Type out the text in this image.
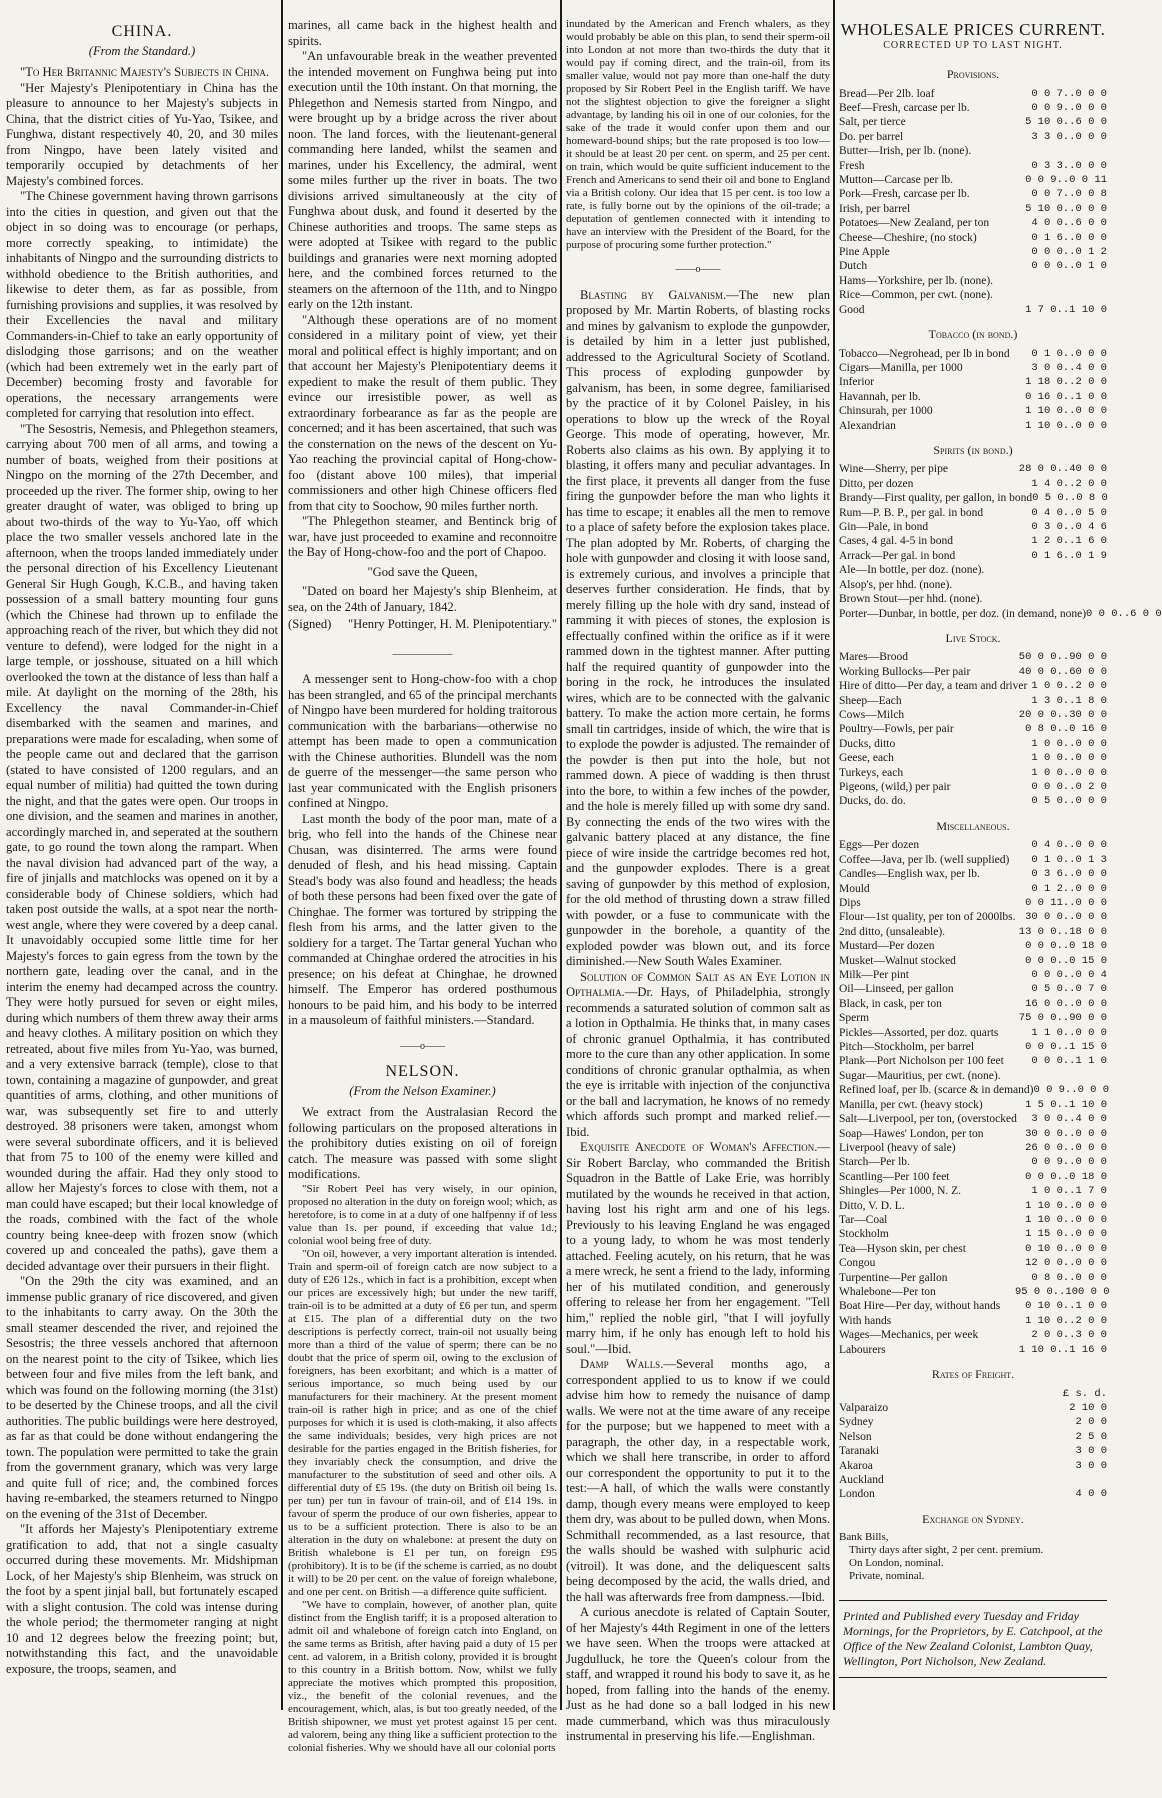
CHINA.
(From the Standard.)

"To Her Britannic Majesty's Subjects in China.

"Her Majesty's Plenipotentiary in China has the pleasure to announce to her Majesty's subjects in China, that the district cities of Yu-Yao, Tsikee, and Funghwa, distant respectively 40, 20, and 30 miles from Ningpo, have been lately visited and temporarily occupied by detachments of her Majesty's combined forces.

"The Chinese government having thrown garrisons into the cities in question, and given out that the object in so doing was to encourage (or perhaps, more correctly speaking, to intimidate) the inhabitants of Ningpo and the surrounding districts to withhold obedience to the British authorities, and likewise to deter them, as far as possible, from furnishing provisions and supplies, it was resolved by their Excellencies the naval and military Commanders-in-Chief to take an early opportunity of dislodging those garrisons; and on the weather (which had been extremely wet in the early part of December) becoming frosty and favorable for operations, the necessary arrangements were completed for carrying that resolution into effect.

"The Sesostris, Nemesis, and Phlegethon steamers, carrying about 700 men of all arms, and towing a number of boats, weighed from their positions at Ningpo on the morning of the 27th December, and proceeded up the river. The former ship, owing to her greater draught of water, was obliged to bring up about two-thirds of the way to Yu-Yao, off which place the two smaller vessels anchored late in the afternoon, when the troops landed immediately under the personal direction of his Excellency Lieutenant General Sir Hugh Gough, K.C.B., and having taken possession of a small battery mounting four guns (which the Chinese had thrown up to enfilade the approaching reach of the river, but which they did not venture to defend), were lodged for the night in a large temple, or josshouse, situated on a hill which overlooked the town at the distance of less than half a mile. At daylight on the morning of the 28th, his Excellency the naval Commander-in-Chief disembarked with the seamen and marines, and preparations were made for escalading, when some of the people came out and declared that the garrison (stated to have consisted of 1200 regulars, and an equal number of militia) had quitted the town during the night, and that the gates were open. Our troops in one division, and the seamen and marines in another, accordingly marched in, and seperated at the southern gate, to go round the town along the rampart. When the naval division had advanced part of the way, a fire of jinjalls and matchlocks was opened on it by a considerable body of Chinese soldiers, which had taken post outside the walls, at a spot near the north-west angle, where they were covered by a deep canal. It unavoidably occupied some little time for her Majesty's forces to gain egress from the town by the northern gate, leading over the canal, and in the interim the enemy had decamped across the country. They were hotly pursued for seven or eight miles, during which numbers of them threw away their arms and heavy clothes. A military position on which they retreated, about five miles from Yu-Yao, was burned, and a very extensive barrack (temple), close to that town, containing a magazine of gunpowder, and great quantities of arms, clothing, and other munitions of war, was subsequently set fire to and utterly destroyed. 38 prisoners were taken, amongst whom were several subordinate officers, and it is believed that from 75 to 100 of the enemy were killed and wounded during the affair. Had they only stood to allow her Majesty's forces to close with them, not a man could have escaped; but their local knowledge of the roads, combined with the fact of the whole country being knee-deep with frozen snow (which covered up and concealed the paths), gave them a decided advantage over their pursuers in their flight.

"On the 29th the city was examined, and an immense public granary of rice discovered, and given to the inhabitants to carry away. On the 30th the small steamer descended the river, and rejoined the Sesostris; the three vessels anchored that afternoon on the nearest point to the city of Tsikee, which lies between four and five miles from the left bank, and which was found on the following morning (the 31st) to be deserted by the Chinese troops, and all the civil authorities. The public buildings were here destroyed, as far as that could be done without endangering the town. The population were permitted to take the grain from the government granary, which was very large and quite full of rice; and, the combined forces having re-embarked, the steamers returned to Ningpo on the evening of the 31st of December.

"It affords her Majesty's Plenipotentiary extreme gratification to add, that not a single casualty occurred during these movements. Mr. Midshipman Lock, of her Majesty's ship Blenheim, was struck on the foot by a spent jinjal ball, but fortunately escaped with a slight contusion. The cold was intense during the whole period; the thermometer ranging at night 10 and 12 degrees below the freezing point; but, notwithstanding this fact, and the unavoidable exposure, the troops, seamen, and

marines, all came back in the highest health and spirits.

"An unfavourable break in the weather prevented the intended movement on Funghwa being put into execution until the 10th instant. On that morning, the Phlegethon and Nemesis started from Ningpo, and were brought up by a bridge across the river about noon. The land forces, with the lieutenant-general commanding here landed, whilst the seamen and marines, under his Excellency, the admiral, went some miles further up the river in boats. The two divisions arrived simultaneously at the city of Funghwa about dusk, and found it deserted by the Chinese authorities and troops. The same steps as were adopted at Tsikee with regard to the public buildings and granaries were next morning adopted here, and the combined forces returned to the steamers on the afternoon of the 11th, and to Ningpo early on the 12th instant.

"Although these operations are of no moment considered in a military point of view, yet their moral and political effect is highly important; and on that account her Majesty's Plenipotentiary deems it expedient to make the result of them public. They evince our irresistible power, as well as extraordinary forbearance as far as the people are concerned; and it has been ascertained, that such was the consternation on the news of the descent on Yu-Yao reaching the provincial capital of Hong-chow-foo (distant above 100 miles), that imperial commissioners and other high Chinese officers fled from that city to Soochow, 90 miles further north.

"The Phlegethon steamer, and Bentinck brig of war, have just proceeded to examine and reconnoitre the Bay of Hong-chow-foo and the port of Chapoo.

"God save the Queen,

"Dated on board her Majesty's ship Blenheim, at sea, on the 24th of January, 1842.

(Signed) "Henry Pottinger, H. M. Plenipotentiary."
——————

A messenger sent to Hong-chow-foo with a chop has been strangled, and 65 of the principal merchants of Ningpo have been murdered for holding traitorous communication with the barbarians—otherwise no attempt has been made to open a communication with the Chinese authorities. Blundell was the nom de guerre of the messenger—the same person who last year communicated with the English prisoners confined at Ningpo.

Last month the body of the poor man, mate of a brig, who fell into the hands of the Chinese near Chusan, was disinterred. The arms were found denuded of flesh, and his head missing. Captain Stead's body was also found and headless; the heads of both these persons had been fixed over the gate of Chinghae. The former was tortured by stripping the flesh from his arms, and the latter given to the soldiery for a target. The Tartar general Yuchan who commanded at Chinghae ordered the atrocities in his presence; on his defeat at Chinghae, he drowned himself. The Emperor has ordered posthumous honours to be paid him, and his body to be interred in a mausoleum of faithful ministers.—Standard.

——o——
NELSON.
(From the Nelson Examiner.)

We extract from the Australasian Record the following particulars on the proposed alterations in the prohibitory duties existing on oil of foreign catch. The measure was passed with some slight modifications.

"Sir Robert Peel has very wisely, in our opinion, proposed no alteration in the duty on foreign wool; which, as heretofore, is to come in at a duty of one halfpenny if of less value than 1s. per pound, if exceeding that value 1d.; colonial wool being free of duty.

"On oil, however, a very important alteration is intended. Train and sperm-oil of foreign catch are now subject to a duty of £26 12s., which in fact is a prohibition, except when our prices are excessively high; but under the new tariff, train-oil is to be admitted at a duty of £6 per tun, and sperm at £15. The plan of a differential duty on the two descriptions is perfectly correct, train-oil not usually being more than a third of the value of sperm; there can be no doubt that the price of sperm oil, owing to the exclusion of foreigners, has been exorbitant; and which is a matter of serious importance, so much being used by our manufacturers for their machinery. At the present moment train-oil is rather high in price; and as one of the chief purposes for which it is used is cloth-making, it also affects the same individuals; besides, very high prices are not desirable for the parties engaged in the British fisheries, for they invariably check the consumption, and drive the manufacturer to the substitution of seed and other oils. A differential duty of £5 19s. (the duty on British oil being 1s. per tun) per tun in favour of train-oil, and of £14 19s. in favour of sperm the produce of our own fisheries, appear to us to be a sufficient protection. There is also to be an alteration in the duty on whalebone: at present the duty on British whalebone is £1 per tun, on foreign £95 (prohibitory). It is to be (if the scheme is carried, as no doubt it will) to be 20 per cent. on the value of foreign whalebone, and one per cent. on British —a difference quite sufficient.

"We have to complain, however, of another plan, quite distinct from the English tariff; it is a proposed alteration to admit oil and whalebone of foreign catch into England, on the same terms as British, after having paid a duty of 15 per cent. ad valorem, in a British colony, provided it is brought to this country in a British bottom. Now, whilst we fully appreciate the motives which prompted this proposition, viz., the benefit of the colonial revenues, and the encouragement, which, alas, is but too greatly needed, of the British shipowner, we must yet protest against 15 per cent. ad valorem, being any thing like a sufficient protection to the colonial fisheries. Why we should have all our colonial ports

inundated by the American and French whalers, as they would probably be able on this plan, to send their sperm-oil into London at not more than two-thirds the duty that it would pay if coming direct, and the train-oil, from its smaller value, would not pay more than one-half the duty proposed by Sir Robert Peel in the English tariff. We have not the slightest objection to give the foreigner a slight advantage, by landing his oil in one of our colonies, for the sake of the trade it would confer upon them and our homeward-bound ships; but the rate proposed is too low—it should be at least 20 per cent. on sperm, and 25 per cent. on train, which would be quite sufficient inducement to the French and Americans to send their oil and bone to England via a British colony. Our idea that 15 per cent. is too low a rate, is fully borne out by the opinions of the oil-trade; a deputation of gentlemen connected with it intending to have an interview with the President of the Board, for the purpose of procuring some further protection."

——o——

Blasting by Galvanism.—The new plan proposed by Mr. Martin Roberts, of blasting rocks and mines by galvanism to explode the gunpowder, is detailed by him in a letter just published, addressed to the Agricultural Society of Scotland. This process of exploding gunpowder by galvanism, has been, in some degree, familiarised by the practice of it by Colonel Paisley, in his operations to blow up the wreck of the Royal George. This mode of operating, however, Mr. Roberts also claims as his own. By applying it to blasting, it offers many and peculiar advantages. In the first place, it prevents all danger from the fuse firing the gunpowder before the man who lights it has time to escape; it enables all the men to remove to a place of safety before the explosion takes place. The plan adopted by Mr. Roberts, of charging the hole with gunpowder and closing it with loose sand, is extremely curious, and involves a principle that deserves further consideration. He finds, that by merely filling up the hole with dry sand, instead of ramming it with pieces of stones, the explosion is effectually confined within the orifice as if it were rammed down in the tightest manner. After putting half the required quantity of gunpowder into the boring in the rock, he introduces the insulated wires, which are to be connected with the galvanic battery. To make the action more certain, he forms small tin cartridges, inside of which, the wire that is to explode the powder is adjusted. The remainder of the powder is then put into the hole, but not rammed down. A piece of wadding is then thrust into the bore, to within a few inches of the powder, and the hole is merely filled up with some dry sand. By connecting the ends of the two wires with the galvanic battery placed at any distance, the fine piece of wire inside the cartridge becomes red hot, and the gunpowder explodes. There is a great saving of gunpowder by this method of explosion, for the old method of thrusting down a straw filled with powder, or a fuse to communicate with the gunpowder in the borehole, a quantity of the exploded powder was blown out, and its force diminished.—New South Wales Examiner.

Solution of Common Salt as an Eye Lotion in Opthalmia.—Dr. Hays, of Philadelphia, strongly recommends a saturated solution of common salt as a lotion in Opthalmia. He thinks that, in many cases of chronic granuel Opthalmia, it has contributed more to the cure than any other application. In some conditions of chronic granular opthalmia, as when the eye is irritable with injection of the conjunctiva or the ball and lacrymation, he knows of no remedy which affords such prompt and marked relief.—Ibid.

Exquisite Anecdote of Woman's Affection.—Sir Robert Barclay, who commanded the British Squadron in the Battle of Lake Erie, was horribly mutilated by the wounds he received in that action, having lost his right arm and one of his legs. Previously to his leaving England he was engaged to a young lady, to whom he was most tenderly attached. Feeling acutely, on his return, that he was a mere wreck, he sent a friend to the lady, informing her of his mutilated condition, and generously offering to release her from her engagement. "Tell him," replied the noble girl, "that I will joyfully marry him, if he only has enough left to hold his soul."—Ibid.

Damp Walls.—Several months ago, a correspondent applied to us to know if we could advise him how to remedy the nuisance of damp walls. We were not at the time aware of any receipe for the purpose; but we happened to meet with a paragraph, the other day, in a respectable work, which we shall here transcribe, in order to afford our correspondent the opportunity to put it to the test:—A hall, of which the walls were constantly damp, though every means were employed to keep them dry, was about to be pulled down, when Mons. Schmithall recommended, as a last resource, that the walls should be washed with sulphuric acid (vitroil). It was done, and the deliquescent salts being decomposed by the acid, the walls dried, and the hall was afterwards free from dampness.—Ibid.

A curious anecdote is related of Captain Souter, of her Majesty's 44th Regiment in one of the letters we have seen. When the troops were attacked at Jugdulluck, he tore the Queen's colour from the staff, and wrapped it round his body to save it, as he hoped, from falling into the hands of the enemy. Just as he had done so a ball lodged in his new made cummerband, which was thus miraculously instrumental in preserving his life.—Englishman.

WHOLESALE PRICES CURRENT.
CORRECTED UP TO LAST NIGHT.
Provisions.
Bread—Per 2lb. loaf	0 0 7..0 0 0
Beef—Fresh, carcase per lb.	0 0 9..0 0 0
Salt, per tierce	5 10 0..6 0 0
Do. per barrel	3 3 0..0 0 0
Butter—Irish, per lb. (none).
Fresh	0 3 3..0 0 0
Mutton—Carcase per lb.	0 0 9..0 0 11
Pork—Fresh, carcase per lb.	0 0 7..0 0 8
Irish, per barrel	5 10 0..0 0 0
Potatoes—New Zealand, per ton	4 0 0..6 0 0
Cheese—Cheshire, (no stock)	0 1 6..0 0 0
Pine Apple	0 0 0..0 1 2
Dutch	0 0 0..0 1 0
Hams—Yorkshire, per lb. (none).
Rice—Common, per cwt. (none).
Good	1 7 0..1 10 0
Tobacco (in bond.)
Tobacco—Negrohead, per lb in bond	0 1 0..0 0 0
Cigars—Manilla, per 1000	3 0 0..4 0 0
Inferior	1 18 0..2 0 0
Havannah, per lb.	0 16 0..1 0 0
Chinsurah, per 1000	1 10 0..0 0 0
Alexandrian	1 10 0..0 0 0
Spirits (in bond.)
Wine—Sherry, per pipe	28 0 0..40 0 0
Ditto, per dozen	1 4 0..2 0 0
Brandy—First quality, per gallon, in bond 0 5 0..0 8 0
Rum—P. B. P., per gal. in bond	0 4 0..0 5 0
Gin—Pale, in bond	0 3 0..0 4 6
Cases, 4 gal. 4-5 in bond	1 2 0..1 6 0
Arrack—Per gal. in bond	0 1 6..0 1 9
Ale—In bottle, per doz. (none).
Alsop's, per hhd. (none).
Brown Stout—per hhd. (none).
Porter—Dunbar, in bottle, per doz. (in demand, none) 0 0 0..6 0 0
Live Stock.
Mares—Brood	50 0 0..90 0 0
Working Bullocks—Per pair	40 0 0..60 0 0
Hire of ditto—Per day, a team and driver 1 0 0..2 0 0
Sheep—Each	1 3 0..1 8 0
Cows—Milch	20 0 0..30 0 0
Poultry—Fowls, per pair	0 8 0..0 16 0
Ducks, ditto	1 0 0..0 0 0
Geese, each	1 0 0..0 0 0
Turkeys, each	1 0 0..0 0 0
Pigeons, (wild,) per pair	0 0 0..0 2 0
Ducks, do. do.	0 5 0..0 0 0
Miscellaneous.
Eggs—Per dozen	0 4 0..0 0 0
Coffee—Java, per lb. (well supplied)	0 1 0..0 1 3
Candles—English wax, per lb.	0 3 6..0 0 0
Mould	0 1 2..0 0 0
Dips	0 0 11..0 0 0
Flour—1st quality, per ton of 2000lbs. 30 0 0..0 0 0
2nd ditto, (unsaleable).	13 0 0..18 0 0
Mustard—Per dozen	0 0 0..0 18 0
Musket—Walnut stocked	0 0 0..0 15 0
Milk—Per pint	0 0 0..0 0 4
Oil—Linseed, per gallon	0 5 0..0 7 0
Black, in cask, per ton	16 0 0..0 0 0
Sperm	75 0 0..90 0 0
Pickles—Assorted, per doz. quarts	1 1 0..0 0 0
Pitch—Stockholm, per barrel	0 0 0..1 15 0
Plank—Port Nicholson per 100 feet	0 0 0..1 1 0
Sugar—Mauritius, per cwt. (none).
Refined loaf, per lb. (scarce & in demand) 0 0 9..0 0 0
Manilla, per cwt. (heavy stock)	1 5 0..1 10 0
Salt—Liverpool, per ton, (overstocked	3 0 0..4 0 0
Soap—Hawes' London, per ton	30 0 0..0 0 0
Liverpool (heavy of sale)	26 0 0..0 0 0
Starch—Per lb.	0 0 9..0 0 0
Scantling—Per 100 feet	0 0 0..0 18 0
Shingles—Per 1000, N. Z.	1 0 0..1 7 0
Ditto, V. D. L.	1 10 0..0 0 0
Tar—Coal	1 10 0..0 0 0
Stockholm	1 15 0..0 0 0
Tea—Hyson skin, per chest	0 10 0..0 0 0
Congou	12 0 0..0 0 0
Turpentine—Per gallon	0 8 0..0 0 0
Whalebone—Per ton	95 0 0..100 0 0
Boat Hire—Per day, without hands	0 10 0..1 0 0
With hands	1 10 0..2 0 0
Wages—Mechanics, per week	2 0 0..3 0 0
Labourers	1 10 0..1 16 0
Rates of Freight.
£ s. d.
Valparaizo	2 10 0
Sydney	2 0 0
Nelson	2 5 0
Taranaki	3 0 0
Akaroa	3 0 0
Auckland
London	4 0 0
Exchange on Sydney.
Bank Bills,
Thirty days after sight, 2 per cent. premium.
On London, nominal.
Private, nominal.
Printed and Published every Tuesday and Friday Mornings, for the Proprietors, by E. Catchpool, at the Office of the New Zealand Colonist, Lambton Quay, Wellington, Port Nicholson, New Zealand.
